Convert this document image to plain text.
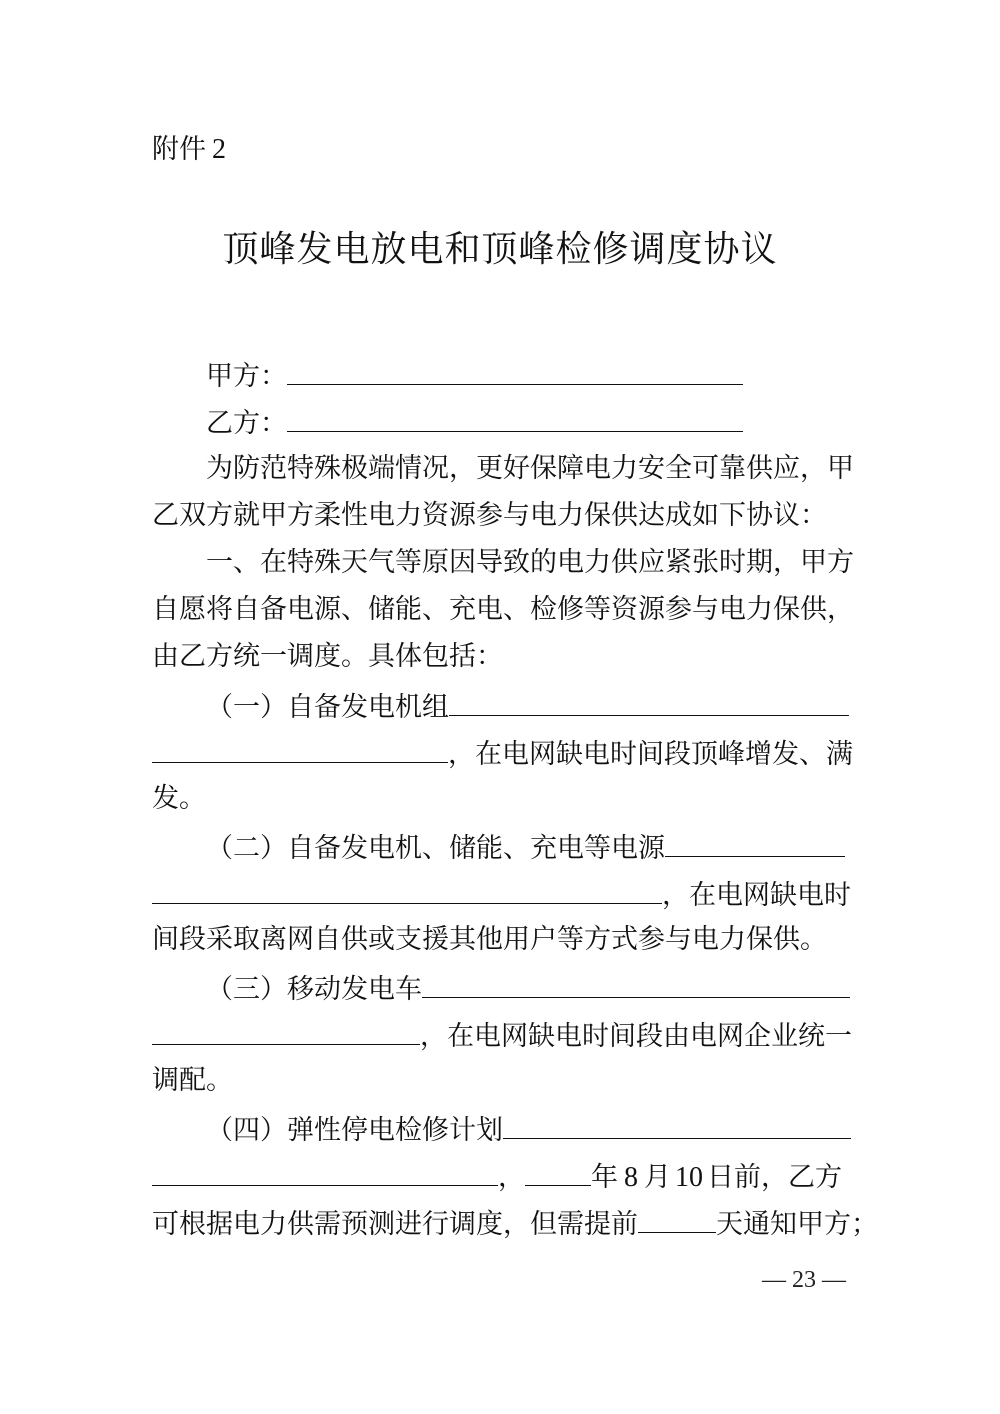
附件 2
顶峰发电放电和顶峰检修调度协议
甲方：
乙方：
为防范特殊极端情况，更好保障电力安全可靠供应，甲
乙双方就甲方柔性电力资源参与电力保供达成如下协议：
一、在特殊天气等原因导致的电力供应紧张时期，甲方
自愿将自备电源、储能、充电、检修等资源参与电力保供，
由乙方统一调度。具体包括：
（一）自备发电机组
，在电网缺电时间段顶峰增发、满
发。
（二）自备发电机、储能、充电等电源
，在电网缺电时
间段采取离网自供或支援其他用户等方式参与电力保供。
（三）移动发电车
，在电网缺电时间段由电网企业统一
调配。
（四）弹性停电检修计划
， 年 8 月 10 日前，乙方
可根据电力供需预测进行调度，但需提前	天通知甲方；
— 23 —
